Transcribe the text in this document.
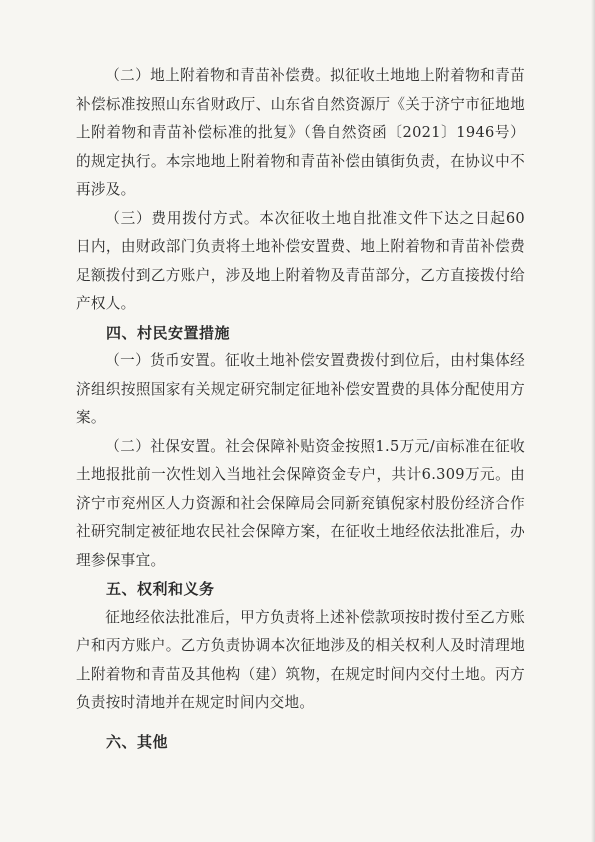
（二）地上附着物和青苗补偿费。拟征收土地地上附着物和青苗补偿标准按照山东省财政厅、山东省自然资源厅《关于济宁市征地地上附着物和青苗补偿标准的批复》（鲁自然资函〔2021〕1946号）的规定执行。本宗地地上附着物和青苗补偿由镇街负责，在协议中不再涉及。

（三）费用拨付方式。本次征收土地自批准文件下达之日起60日内，由财政部门负责将土地补偿安置费、地上附着物和青苗补偿费足额拨付到乙方账户，涉及地上附着物及青苗部分，乙方直接拨付给产权人。

四、村民安置措施

（一）货币安置。征收土地补偿安置费拨付到位后，由村集体经济组织按照国家有关规定研究制定征地补偿安置费的具体分配使用方案。

（二）社保安置。社会保障补贴资金按照1.5万元/亩标准在征收土地报批前一次性划入当地社会保障资金专户，共计6.309万元。由济宁市兖州区人力资源和社会保障局会同新兖镇倪家村股份经济合作社研究制定被征地农民社会保障方案，在征收土地经依法批准后，办理参保事宜。

五、权利和义务

征地经依法批准后，甲方负责将上述补偿款项按时拨付至乙方账户和丙方账户。乙方负责协调本次征地涉及的相关权利人及时清理地上附着物和青苗及其他构（建）筑物，在规定时间内交付土地。丙方负责按时清地并在规定时间内交地。

六、其他
